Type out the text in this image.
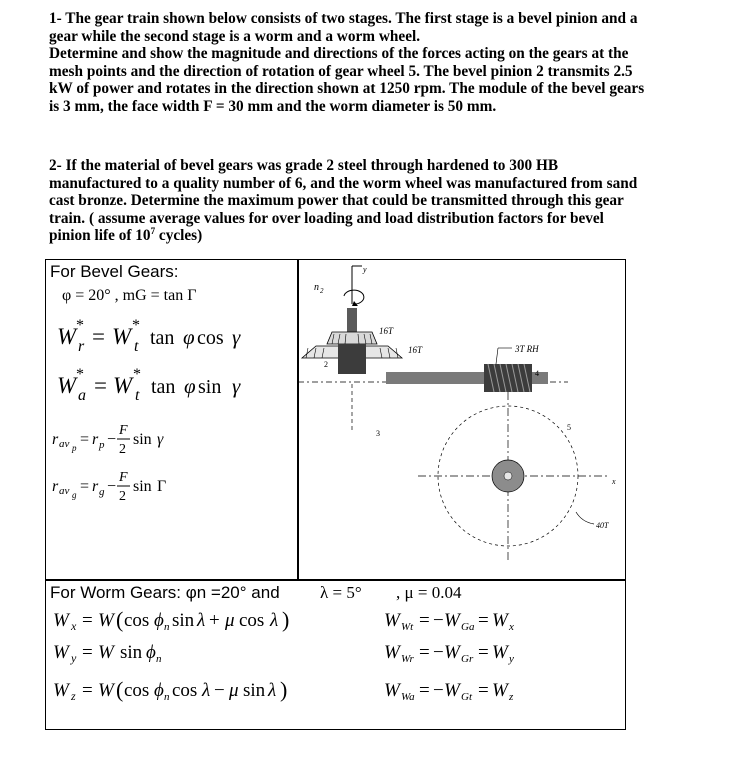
1- The gear train shown below consists of two stages. The first stage is a bevel pinion and a
gear while the second stage is a worm and a worm wheel.
Determine and show the magnitude and directions of the forces acting on the gears at the
mesh points and the direction of rotation of gear wheel 5. The bevel pinion 2 transmits 2.5
kW of power and rotates in the direction shown at 1250 rpm. The module of the bevel gears
is 3 mm, the face width F = 30 mm and the worm diameter is 50 mm.
2- If the material of bevel gears was grade 2 steel through hardened to 300 HB
manufactured to a quality number of 6, and the worm wheel was manufactured from sand
cast bronze. Determine the maximum power that could be transmitted through this gear
train. ( assume average values for over loading and load distribution factors for bevel
pinion life of $10^7$ cycles)
For Bevel Gears:
φ = 20° , mG = tan Γ
W r
* = W t
*
tan φ cos γ
W a
* = W t
*
tan φ sin γ
r av p = r p −
F
2
sin γ
r av g = r g −
F
2
sin Γ
n 2
y
16T
16T
2
4
3T RH
3
5
x
40T
For Worm Gears: φn =20° and λ = 5° , μ = 0.04
W x = W ( cos ϕ n sin λ + μ cos λ )
W y = W sin ϕ n
W z = W ( cos ϕ n cos λ − μ sin λ )
W Wt = − W Ga = W x
W Wr = − W Gr = W y
W Wa = − W Gt = W z
